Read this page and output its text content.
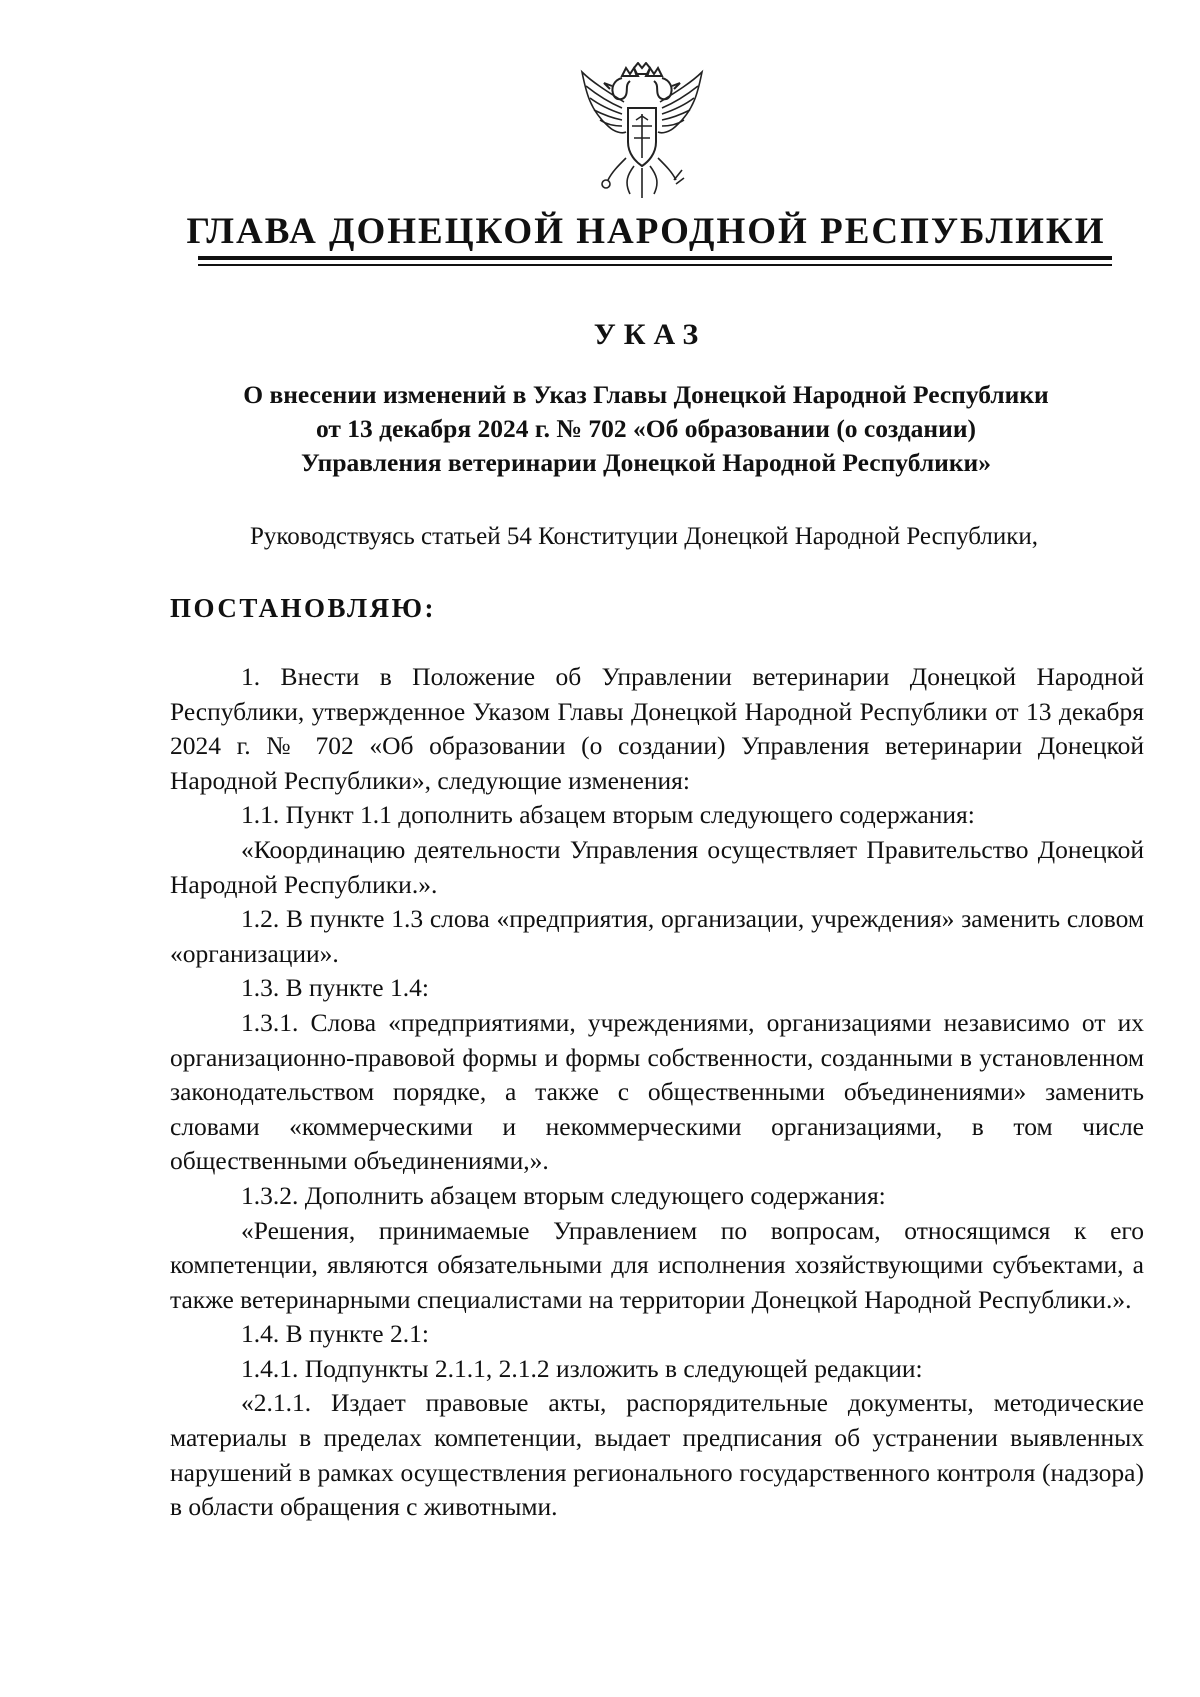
ГЛАВА ДОНЕЦКОЙ НАРОДНОЙ РЕСПУБЛИКИ
УКАЗ
О внесении изменений в Указ Главы Донецкой Народной Республики
от 13 декабря 2024 г. № 702 «Об образовании (о создании)
Управления ветеринарии Донецкой Народной Республики»
Руководствуясь статьей 54 Конституции Донецкой Народной Республики,
ПОСТАНОВЛЯЮ:

1. Внести в Положение об Управлении ветеринарии Донецкой Народной Республики, утвержденное Указом Главы Донецкой Народной Республики от 13 декабря 2024 г. № 702 «Об образовании (о создании) Управления ветеринарии Донецкой Народной Республики», следующие изменения:

1.1. Пункт 1.1 дополнить абзацем вторым следующего содержания:

«Координацию деятельности Управления осуществляет Правительство Донецкой Народной Республики.».

1.2. В пункте 1.3 слова «предприятия, организации, учреждения» заменить словом «организации».

1.3. В пункте 1.4:

1.3.1. Слова «предприятиями, учреждениями, организациями независимо от их организационно-правовой формы и формы собственности, созданными в установленном законодательством порядке, а также с общественными объединениями» заменить словами «коммерческими и некоммерческими организациями, в том числе общественными объединениями,».

1.3.2. Дополнить абзацем вторым следующего содержания:

«Решения, принимаемые Управлением по вопросам, относящимся к его компетенции, являются обязательными для исполнения хозяйствующими субъектами, а также ветеринарными специалистами на территории Донецкой Народной Республики.».

1.4. В пункте 2.1:

1.4.1. Подпункты 2.1.1, 2.1.2 изложить в следующей редакции:

«2.1.1. Издает правовые акты, распорядительные документы, методические материалы в пределах компетенции, выдает предписания об устранении выявленных нарушений в рамках осуществления регионального государственного контроля (надзора) в области обращения с животными.
